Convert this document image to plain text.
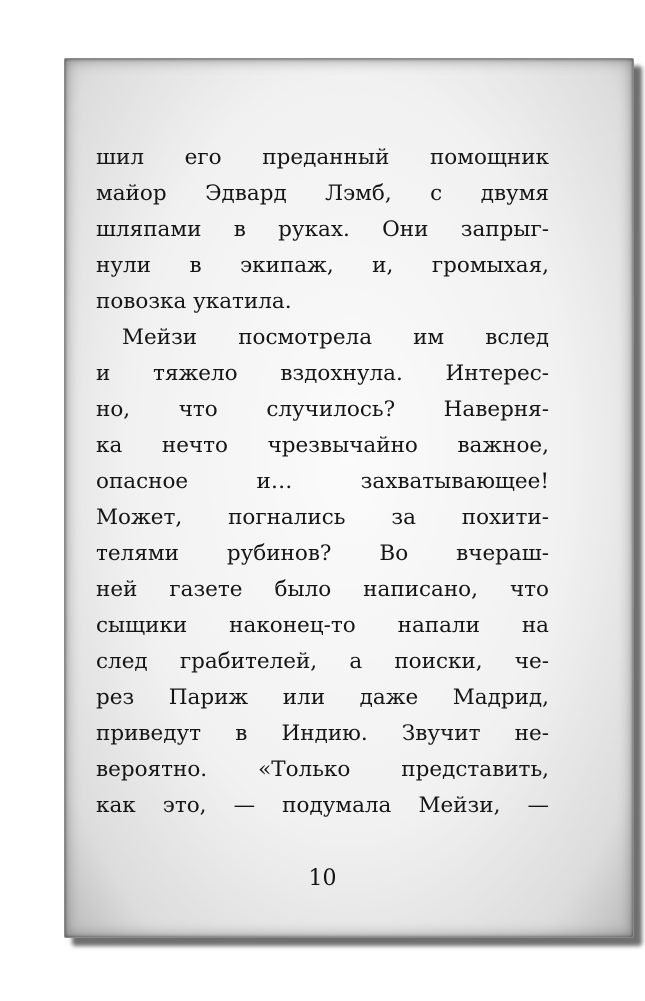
шил его преданный помощник
майор Эдвард Лэмб, с двумя
шляпами в руках. Они запрыг-
нули в экипаж, и, громыхая,
повозка укатила.
Мейзи посмотрела им вслед
и тяжело вздохнула. Интерес-
но, что случилось? Наверня-
ка нечто чрезвычайно важное,
опасное и… захватывающее!
Может, погнались за похити-
телями рубинов? Во вчераш-
ней газете было написано, что
сыщики наконец-то напали на
след грабителей, а поиски, че-
рез Париж или даже Мадрид,
приведут в Индию. Звучит не-
вероятно. «Только представить,
как это, — подумала Мейзи, —
10
